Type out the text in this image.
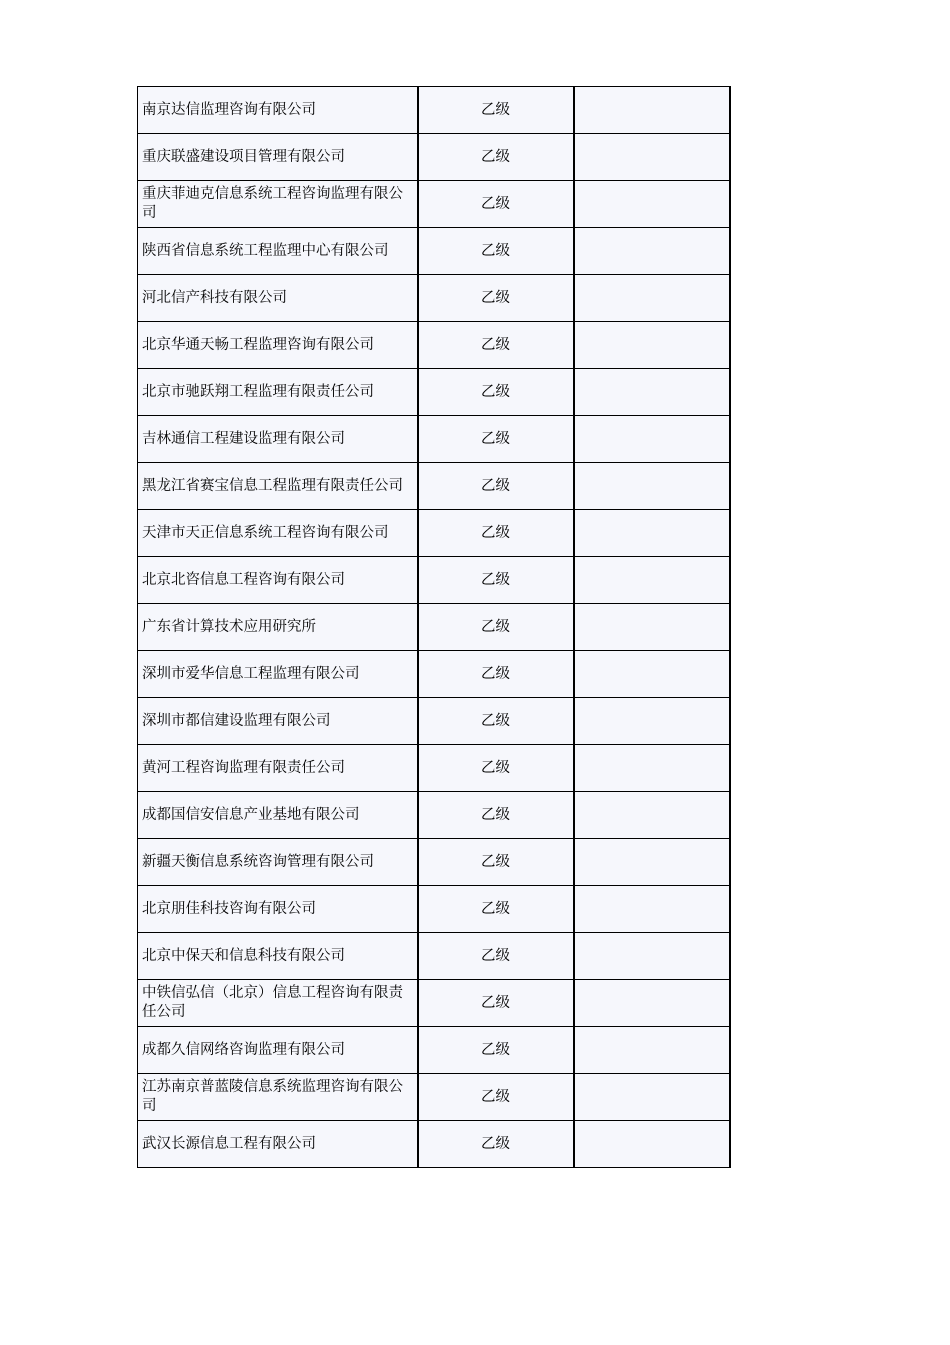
南京达信监理咨询有限公司	乙级	
重庆联盛建设项目管理有限公司	乙级	
重庆菲迪克信息系统工程咨询监理有限公司	乙级	
陕西省信息系统工程监理中心有限公司	乙级	
河北信产科技有限公司	乙级	
北京华通天畅工程监理咨询有限公司	乙级	
北京市驰跃翔工程监理有限责任公司	乙级	
吉林通信工程建设监理有限公司	乙级	
黑龙江省赛宝信息工程监理有限责任公司	乙级	
天津市天正信息系统工程咨询有限公司	乙级	
北京北咨信息工程咨询有限公司	乙级	
广东省计算技术应用研究所	乙级	
深圳市爱华信息工程监理有限公司	乙级	
深圳市都信建设监理有限公司	乙级	
黄河工程咨询监理有限责任公司	乙级	
成都国信安信息产业基地有限公司	乙级	
新疆天衡信息系统咨询管理有限公司	乙级	
北京朋佳科技咨询有限公司	乙级	
北京中保天和信息科技有限公司	乙级	
中铁信弘信（北京）信息工程咨询有限责任公司	乙级	
成都久信网络咨询监理有限公司	乙级	
江苏南京普蓝陵信息系统监理咨询有限公司	乙级	
武汉长源信息工程有限公司	乙级	
